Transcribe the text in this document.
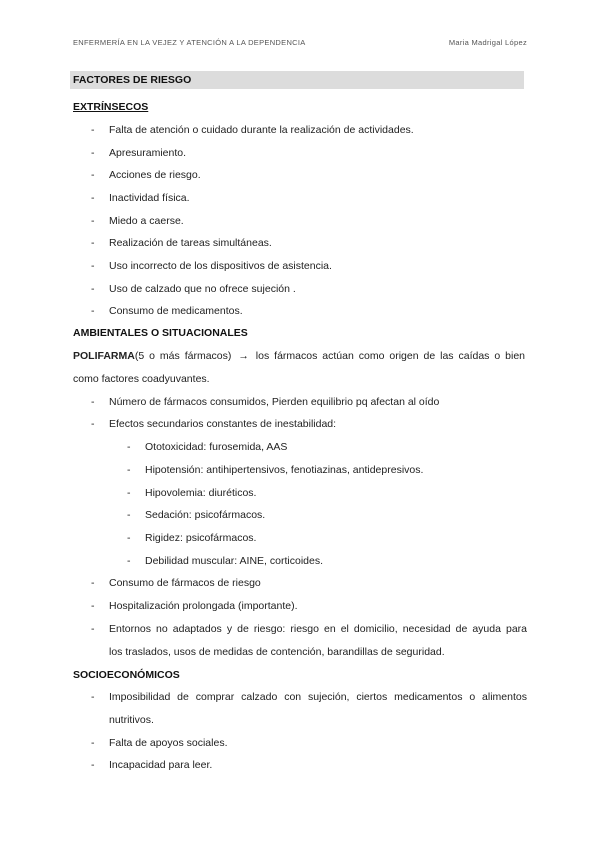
ENFERMERÍA EN LA VEJEZ Y ATENCIÓN A LA DEPENDENCIA	Maria Madrigal López
FACTORES DE RIESGO
EXTRÍNSECOS
- Falta de atención o cuidado durante la realización de actividades.
- Apresuramiento.
- Acciones de riesgo.
- Inactividad física.
- Miedo a caerse.
- Realización de tareas simultáneas.
- Uso incorrecto de los dispositivos de asistencia.
- Uso de calzado que no ofrece sujeción .
- Consumo de medicamentos.
AMBIENTALES O SITUACIONALES
POLIFARMA(5 o más fármacos) → los fármacos actúan como origen de las caídas o bien
como factores coadyuvantes.
- Número de fármacos consumidos, Pierden equilibrio pq afectan al oído
- Efectos secundarios constantes de inestabilidad:
- Ototoxicidad: furosemida, AAS
- Hipotensión: antihipertensivos, fenotiazinas, antidepresivos.
- Hipovolemia: diuréticos.
- Sedación: psicofármacos.
- Rigidez: psicofármacos.
- Debilidad muscular: AINE, corticoides.
- Consumo de fármacos de riesgo
- Hospitalización prolongada (importante).
- Entornos no adaptados y de riesgo: riesgo en el domicilio, necesidad de ayuda para
los traslados, usos de medidas de contención, barandillas de seguridad.
SOCIOECONÓMICOS
- Imposibilidad de comprar calzado con sujeción, ciertos medicamentos o alimentos
nutritivos.
- Falta de apoyos sociales.
- Incapacidad para leer.
